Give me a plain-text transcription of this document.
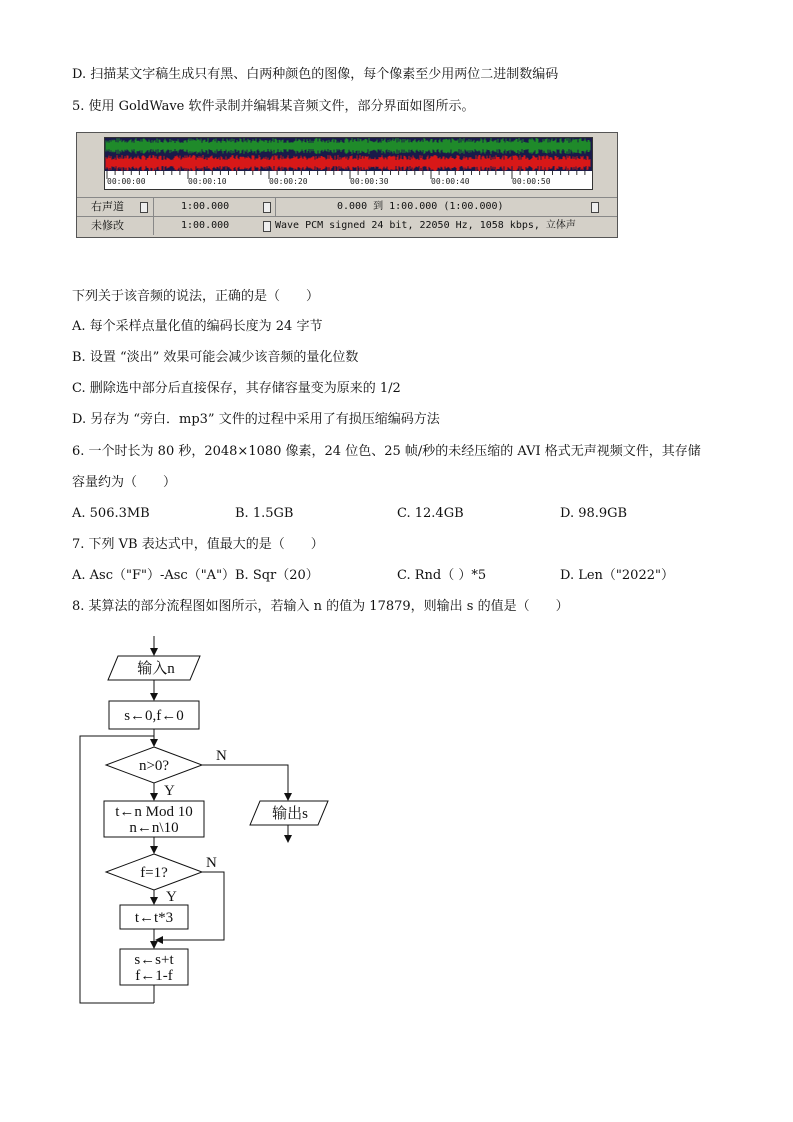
D. 扫描某文字稿生成只有黑、白两种颜色的图像，每个像素至少用两位二进制数编码
5. 使用 GoldWave 软件录制并编辑某音频文件，部分界面如图所示。
00:00:00	00:00:10	00:00:20	00:00:30	00:00:40	00:00:50
右声道	1:00.000	0.000 到 1:00.000 (1:00.000)
未修改	1:00.000	Wave PCM signed 24 bit, 22050 Hz, 1058 kbps, 立体声
下列关于该音频的说法，正确的是（　　）
A. 每个采样点量化值的编码长度为 24 字节
B. 设置 “淡出” 效果可能会减少该音频的量化位数
C. 删除选中部分后直接保存，其存储容量变为原来的 1/2
D. 另存为 “旁白．mp3” 文件的过程中采用了有损压缩编码方法
6. 一个时长为 80 秒，2048×1080 像素，24 位色、25 帧/秒的未经压缩的 AVI 格式无声视频文件，其存储
容量约为（　　）
A. 506.3MB	B. 1.5GB	C. 12.4GB	D. 98.9GB
7. 下列 VB 表达式中，值最大的是（　　）
A. Asc（"F"）-Asc（"A"） B. Sqr（20）	C. Rnd（ ）*5	D. Len（"2022"）
8. 某算法的部分流程图如图所示，若输入 n 的值为 17879，则输出 s 的值是（　　）
输入n
s←0,f←0
n>0?
N
Y
输出s
t←n Mod 10
n←n\10
f=1?
N
Y
t←t*3
s←s+t
f←1-f
